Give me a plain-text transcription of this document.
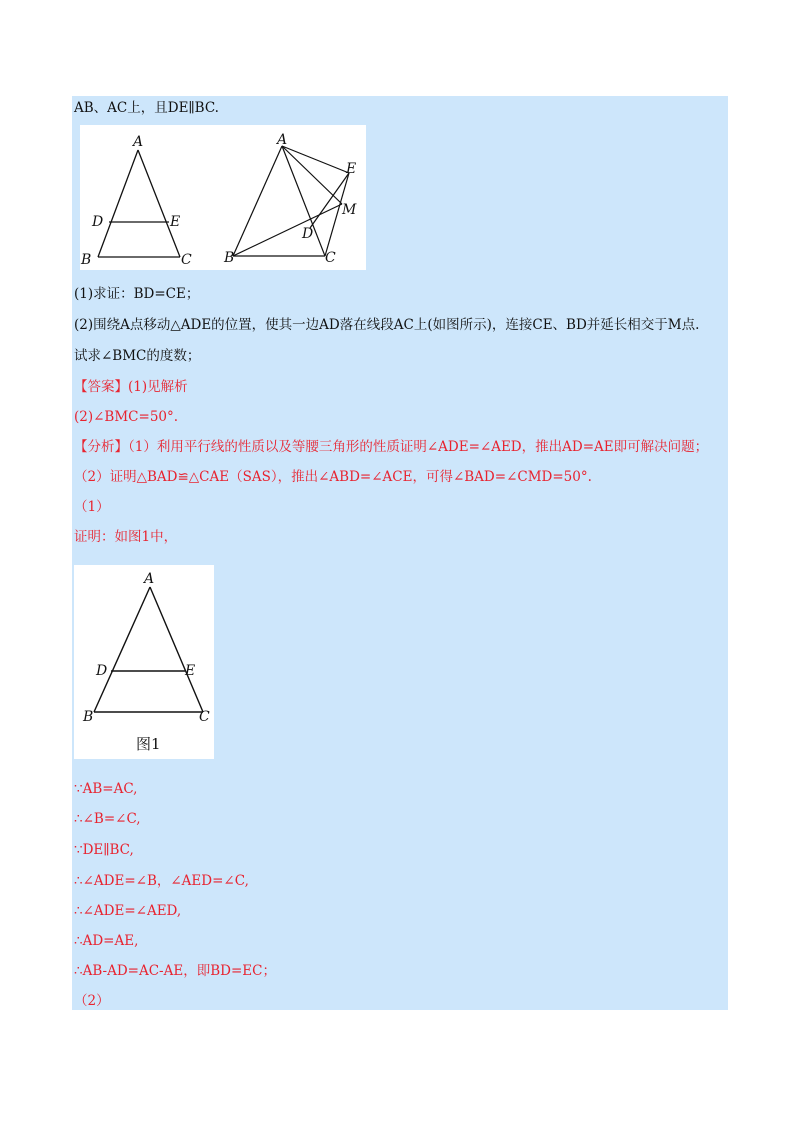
AB、AC上，且DE∥BC.
A
B	C
D	E
A
B	C
D
E
M
(1)求证：BD=CE；
(2)围绕A点移动△ADE的位置，使其一边AD落在线段AC上(如图所示)，连接CE、BD并延长相交于M点.
试求∠BMC的度数；
【答案】(1)见解析
(2)∠BMC=50°.
【分析】（1）利用平行线的性质以及等腰三角形的性质证明∠ADE=∠AED，推出AD=AE即可解决问题；
（2）证明△BAD≌△CAE（SAS），推出∠ABD=∠ACE，可得∠BAD=∠CMD=50°.
（1）
证明：如图1中，
A
B	C
D	E
图1
∵AB=AC,
∴∠B=∠C,
∵DE∥BC,
∴∠ADE=∠B，∠AED=∠C,
∴∠ADE=∠AED,
∴AD=AE,
∴AB-AD=AC-AE，即BD=EC；
（2）
